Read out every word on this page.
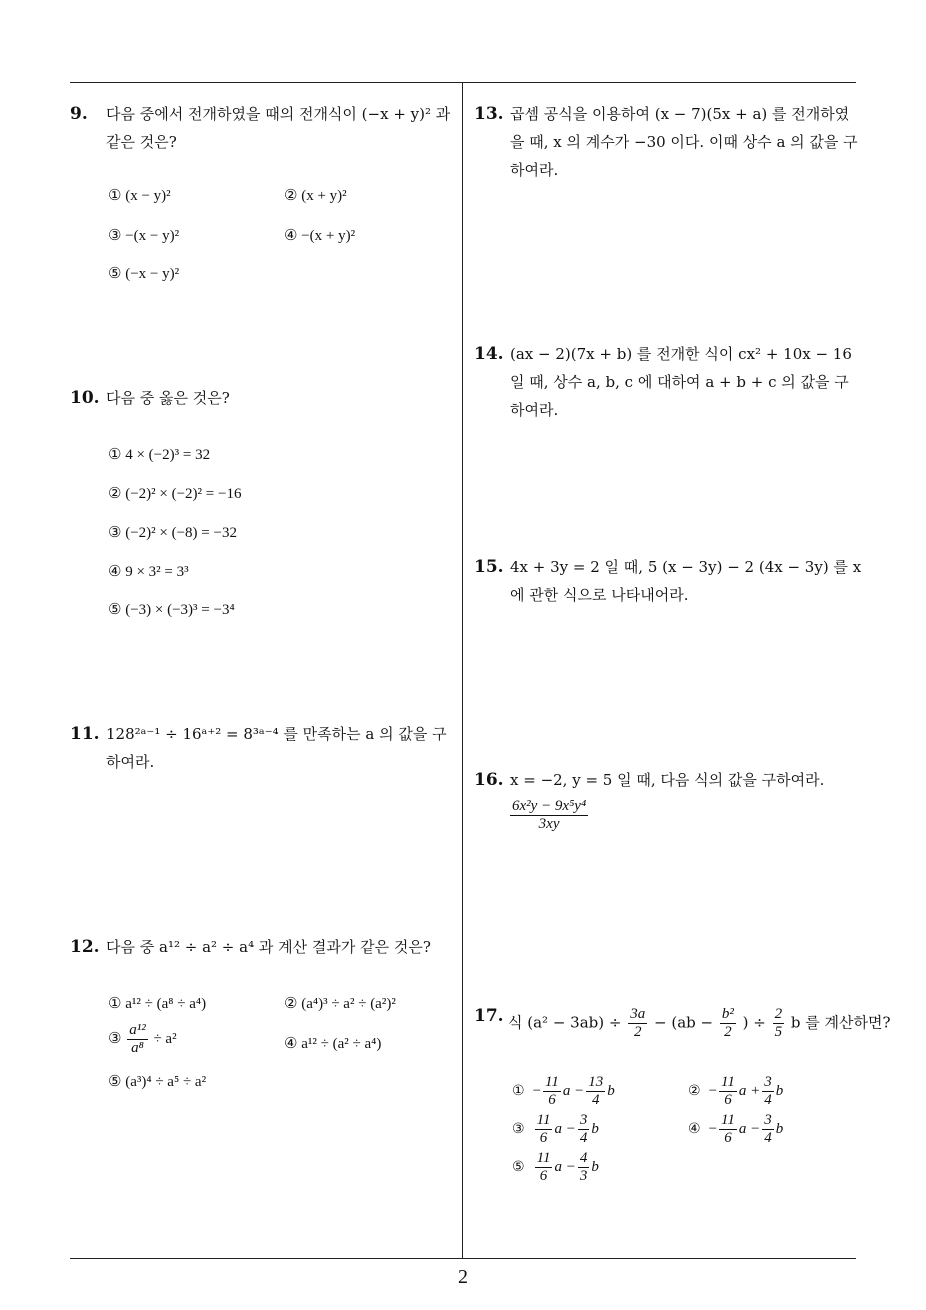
9. 다음 중에서 전개하였을 때의 전개식이 (−x + y)² 과 같은 것은?
① (x − y)²	② (x + y)²
③ −(x − y)²	④ −(x + y)²
⑤ (−x − y)²
10. 다음 중 옳은 것은?
① 4 × (−2)³ = 32
② (−2)² × (−2)² = −16
③ (−2)² × (−8) = −32
④ 9 × 3² = 3³
⑤ (−3) × (−3)³ = −3⁴
11. 128²ᵃ⁻¹ ÷ 16ᵃ⁺² = 8³ᵃ⁻⁴ 를 만족하는 a 의 값을 구하여라.
12. 다음 중 a¹² ÷ a² ÷ a⁴ 과 계산 결과가 같은 것은?
① a¹² ÷ (a⁸ ÷ a⁴)	② (a⁴)³ ÷ a² ÷ (a²)²
③ $\frac{\text{a¹²}}{\text{a⁸}} \div a^2$	④ a¹² ÷ (a² ÷ a⁴)
⑤ (a³)⁴ ÷ a⁵ ÷ a²
13. 곱셈 공식을 이용하여 (x − 7)(5x + a) 를 전개하였을 때, x 의 계수가 −30 이다. 이때 상수 a 의 값을 구하여라.
14. (ax − 2)(7x + b) 를 전개한 식이 cx² + 10x − 16 일 때, 상수 a, b, c 에 대하여 a + b + c 의 값을 구하여라.
15. 4x + 3y = 2 일 때, 5 (x − 3y) − 2 (4x − 3y) 를 x 에 관한 식으로 나타내어라.
16. x = −2, y = 5 일 때, 다음 식의 값을 구하여라.
$\frac{\text{6x²y − 9x⁵y⁴}}{3xy}$
17. 식 $(a^2 - 3ab) \div \frac{3a}{2} - (ab - \frac{\text{b²}}{2}$ ) ÷ $\frac{2}{5}$ b 를 계산하면?
① − $\frac{11}{6}$ $a - \frac{13}{4}$ b	② − $\frac{11}{6}$ $a + \frac{3}{4}$ b
③ $\frac{11}{6}$ $a - \frac{3}{4}$ b	④ − $\frac{11}{6}$ $a - \frac{3}{4}$ b
⑤ $\frac{11}{6}$ $a - \frac{4}{3}$ b
2
